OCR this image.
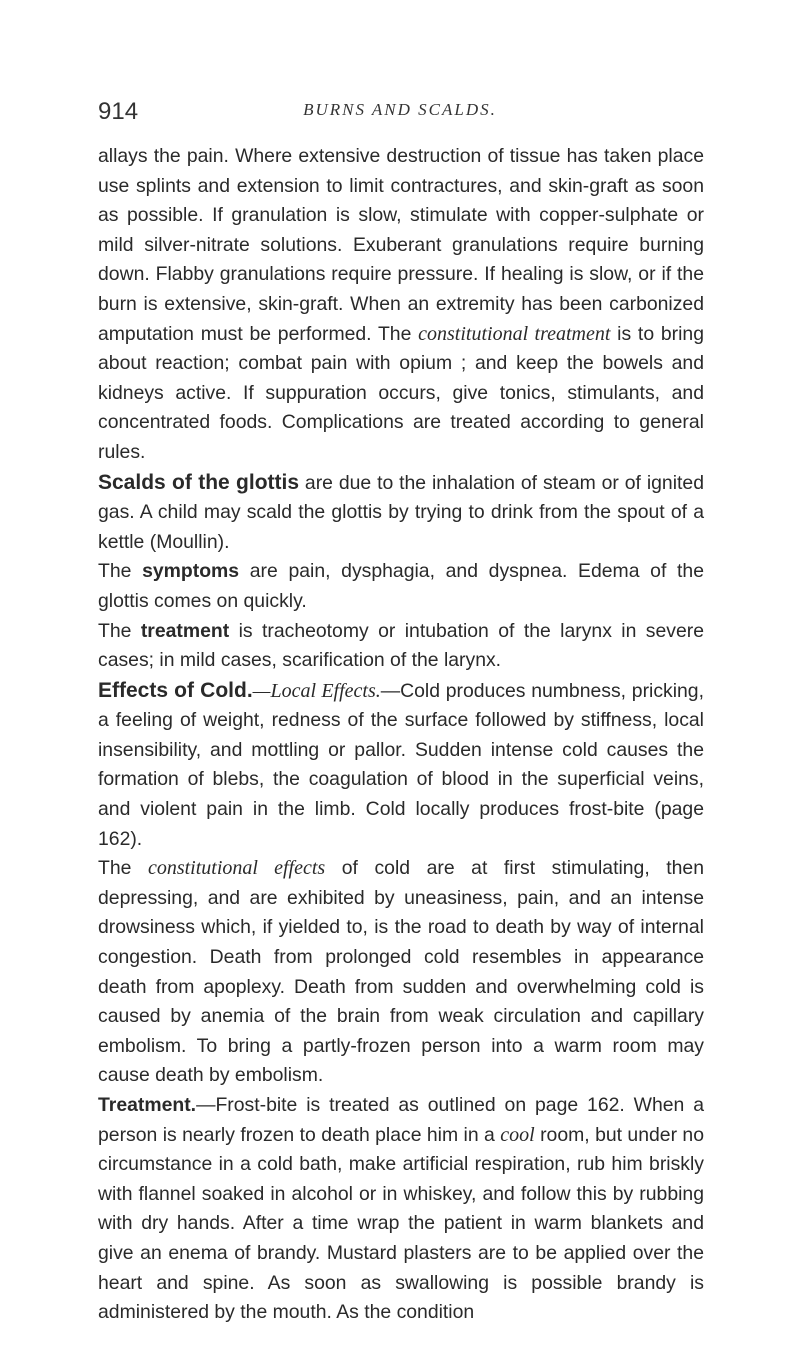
914	BURNS AND SCALDS.

allays the pain. Where extensive destruction of tissue has taken place use splints and extension to limit contractures, and skin-graft as soon as possible. If granulation is slow, stimulate with copper-sulphate or mild silver-nitrate solutions. Exuberant granulations require burning down. Flabby granulations require pressure. If healing is slow, or if the burn is extensive, skin-graft. When an extremity has been carbonized amputation must be performed. The constitutional treatment is to bring about reaction; combat pain with opium ; and keep the bowels and kidneys active. If suppuration occurs, give tonics, stimulants, and concentrated foods. Complications are treated according to general rules.

Scalds of the glottis are due to the inhalation of steam or of ignited gas. A child may scald the glottis by trying to drink from the spout of a kettle (Moullin).

The symptoms are pain, dysphagia, and dyspnea. Edema of the glottis comes on quickly.

The treatment is tracheotomy or intubation of the larynx in severe cases; in mild cases, scarification of the larynx.

Effects of Cold.—Local Effects.—Cold produces numbness, pricking, a feeling of weight, redness of the surface followed by stiffness, local insensibility, and mottling or pallor. Sudden intense cold causes the formation of blebs, the coagulation of blood in the superficial veins, and violent pain in the limb. Cold locally produces frost-bite (page 162).

The constitutional effects of cold are at first stimulating, then depressing, and are exhibited by uneasiness, pain, and an intense drowsiness which, if yielded to, is the road to death by way of internal congestion. Death from prolonged cold resembles in appearance death from apoplexy. Death from sudden and overwhelming cold is caused by anemia of the brain from weak circulation and capillary embolism. To bring a partly-frozen person into a warm room may cause death by embolism.

Treatment.—Frost-bite is treated as outlined on page 162. When a person is nearly frozen to death place him in a cool room, but under no circumstance in a cold bath, make artificial respiration, rub him briskly with flannel soaked in alcohol or in whiskey, and follow this by rubbing with dry hands. After a time wrap the patient in warm blankets and give an enema of brandy. Mustard plasters are to be applied over the heart and spine. As soon as swallowing is possible brandy is administered by the mouth. As the condition
